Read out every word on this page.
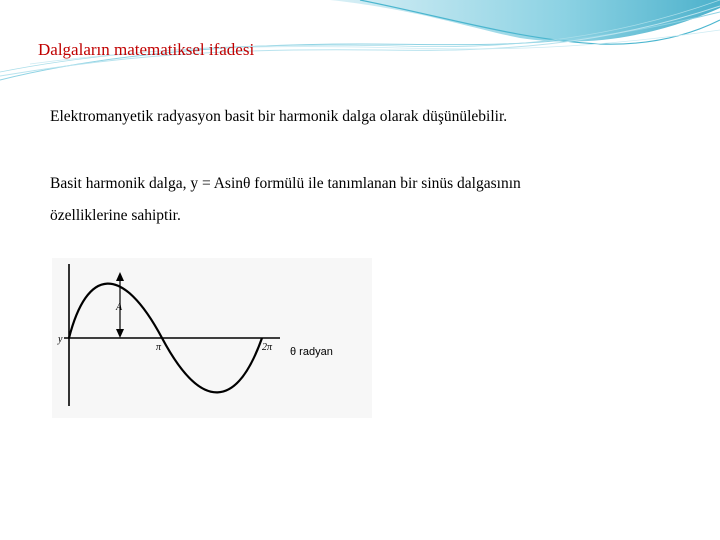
Dalgaların matematiksel ifadesi
Elektromanyetik radyasyon basit bir harmonik dalga olarak düşünülebilir.
Basit harmonik dalga, y = Asinθ formülü ile tanımlanan bir sinüs dalgasının
özelliklerine sahiptir.
y
A
π	2π θ radyan
